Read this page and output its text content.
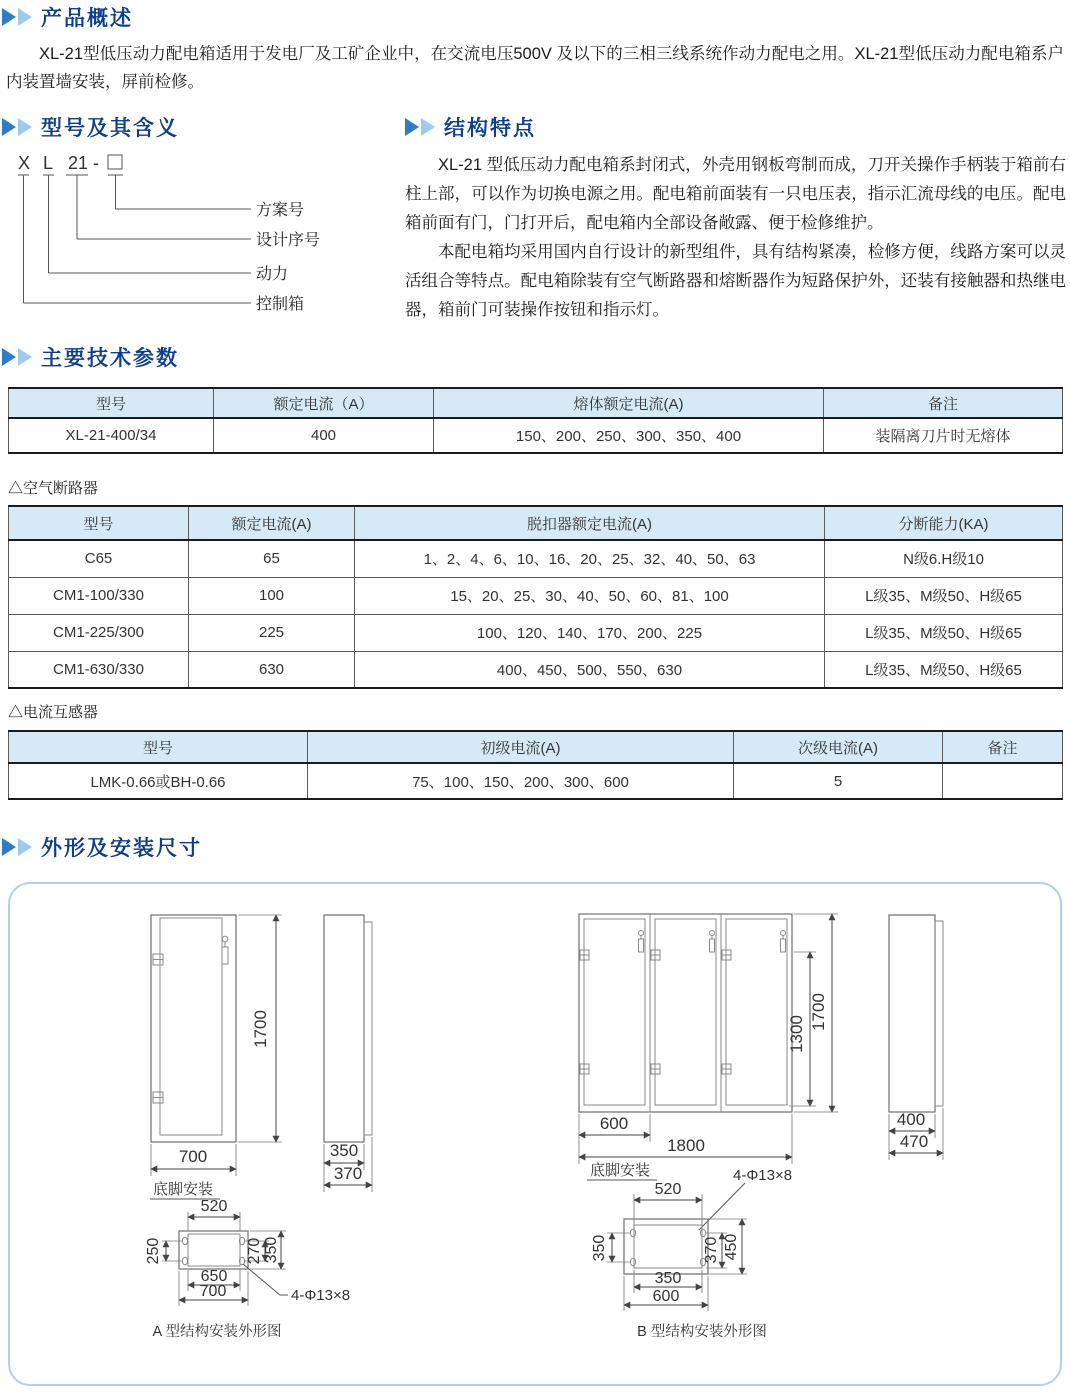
产品概述

XL-21型低压动力配电箱适用于发电厂及工矿企业中，在交流电压500V 及以下的三相三线系统作动力配电之用。XL-21型低压动力配电箱系户内装置墙安装，屏前检修。

型号及其含义
X L 21 -
方案号
设计序号
动力
控制箱
结构特点

XL-21 型低压动力配电箱系封闭式，外壳用钢板弯制而成，刀开关操作手柄装于箱前右柱上部，可以作为切换电源之用。配电箱前面装有一只电压表，指示汇流母线的电压。配电箱前面有门，门打开后，配电箱内全部设备敞露、便于检修维护。

本配电箱均采用国内自行设计的新型组件，具有结构紧凑，检修方便，线路方案可以灵活组合等特点。配电箱除装有空气断路器和熔断器作为短路保护外，还装有接触器和热继电器，箱前门可装操作按钮和指示灯。

主要技术参数
型号	额定电流（A）	熔体额定电流(A)	备注
XL-21-400/34	400	150、200、250、300、350、400	装隔离刀片时无熔体
△空气断路器
型号	额定电流(A)	脱扣器额定电流(A)	分断能力(KA)
C65	65	1、2、4、6、10、16、20、25、32、40、50、63	N级6.H级10
CM1-100/330	100	15、20、25、30、40、50、60、81、100	L级35、M级50、H级65
CM1-225/300	225	100、120、140、170、200、225	L级35、M级50、H级65
CM1-630/330	630	400、450、500、550、630	L级35、M级50、H级65
△电流互感器
型号	初级电流(A)	次级电流(A)	备注
LMK-0.66或BH-0.66	75、100、150、200、300、600	5	
外形及安装尺寸
1700
700
底脚安装
350
370
520
250	270 350
650
700	4-Φ13×8
A 型结构安装外形图
1300
1700
600
1800
底脚安装
400
470
4-Φ13×8
520
350	370 450
350
600
B 型结构安装外形图
